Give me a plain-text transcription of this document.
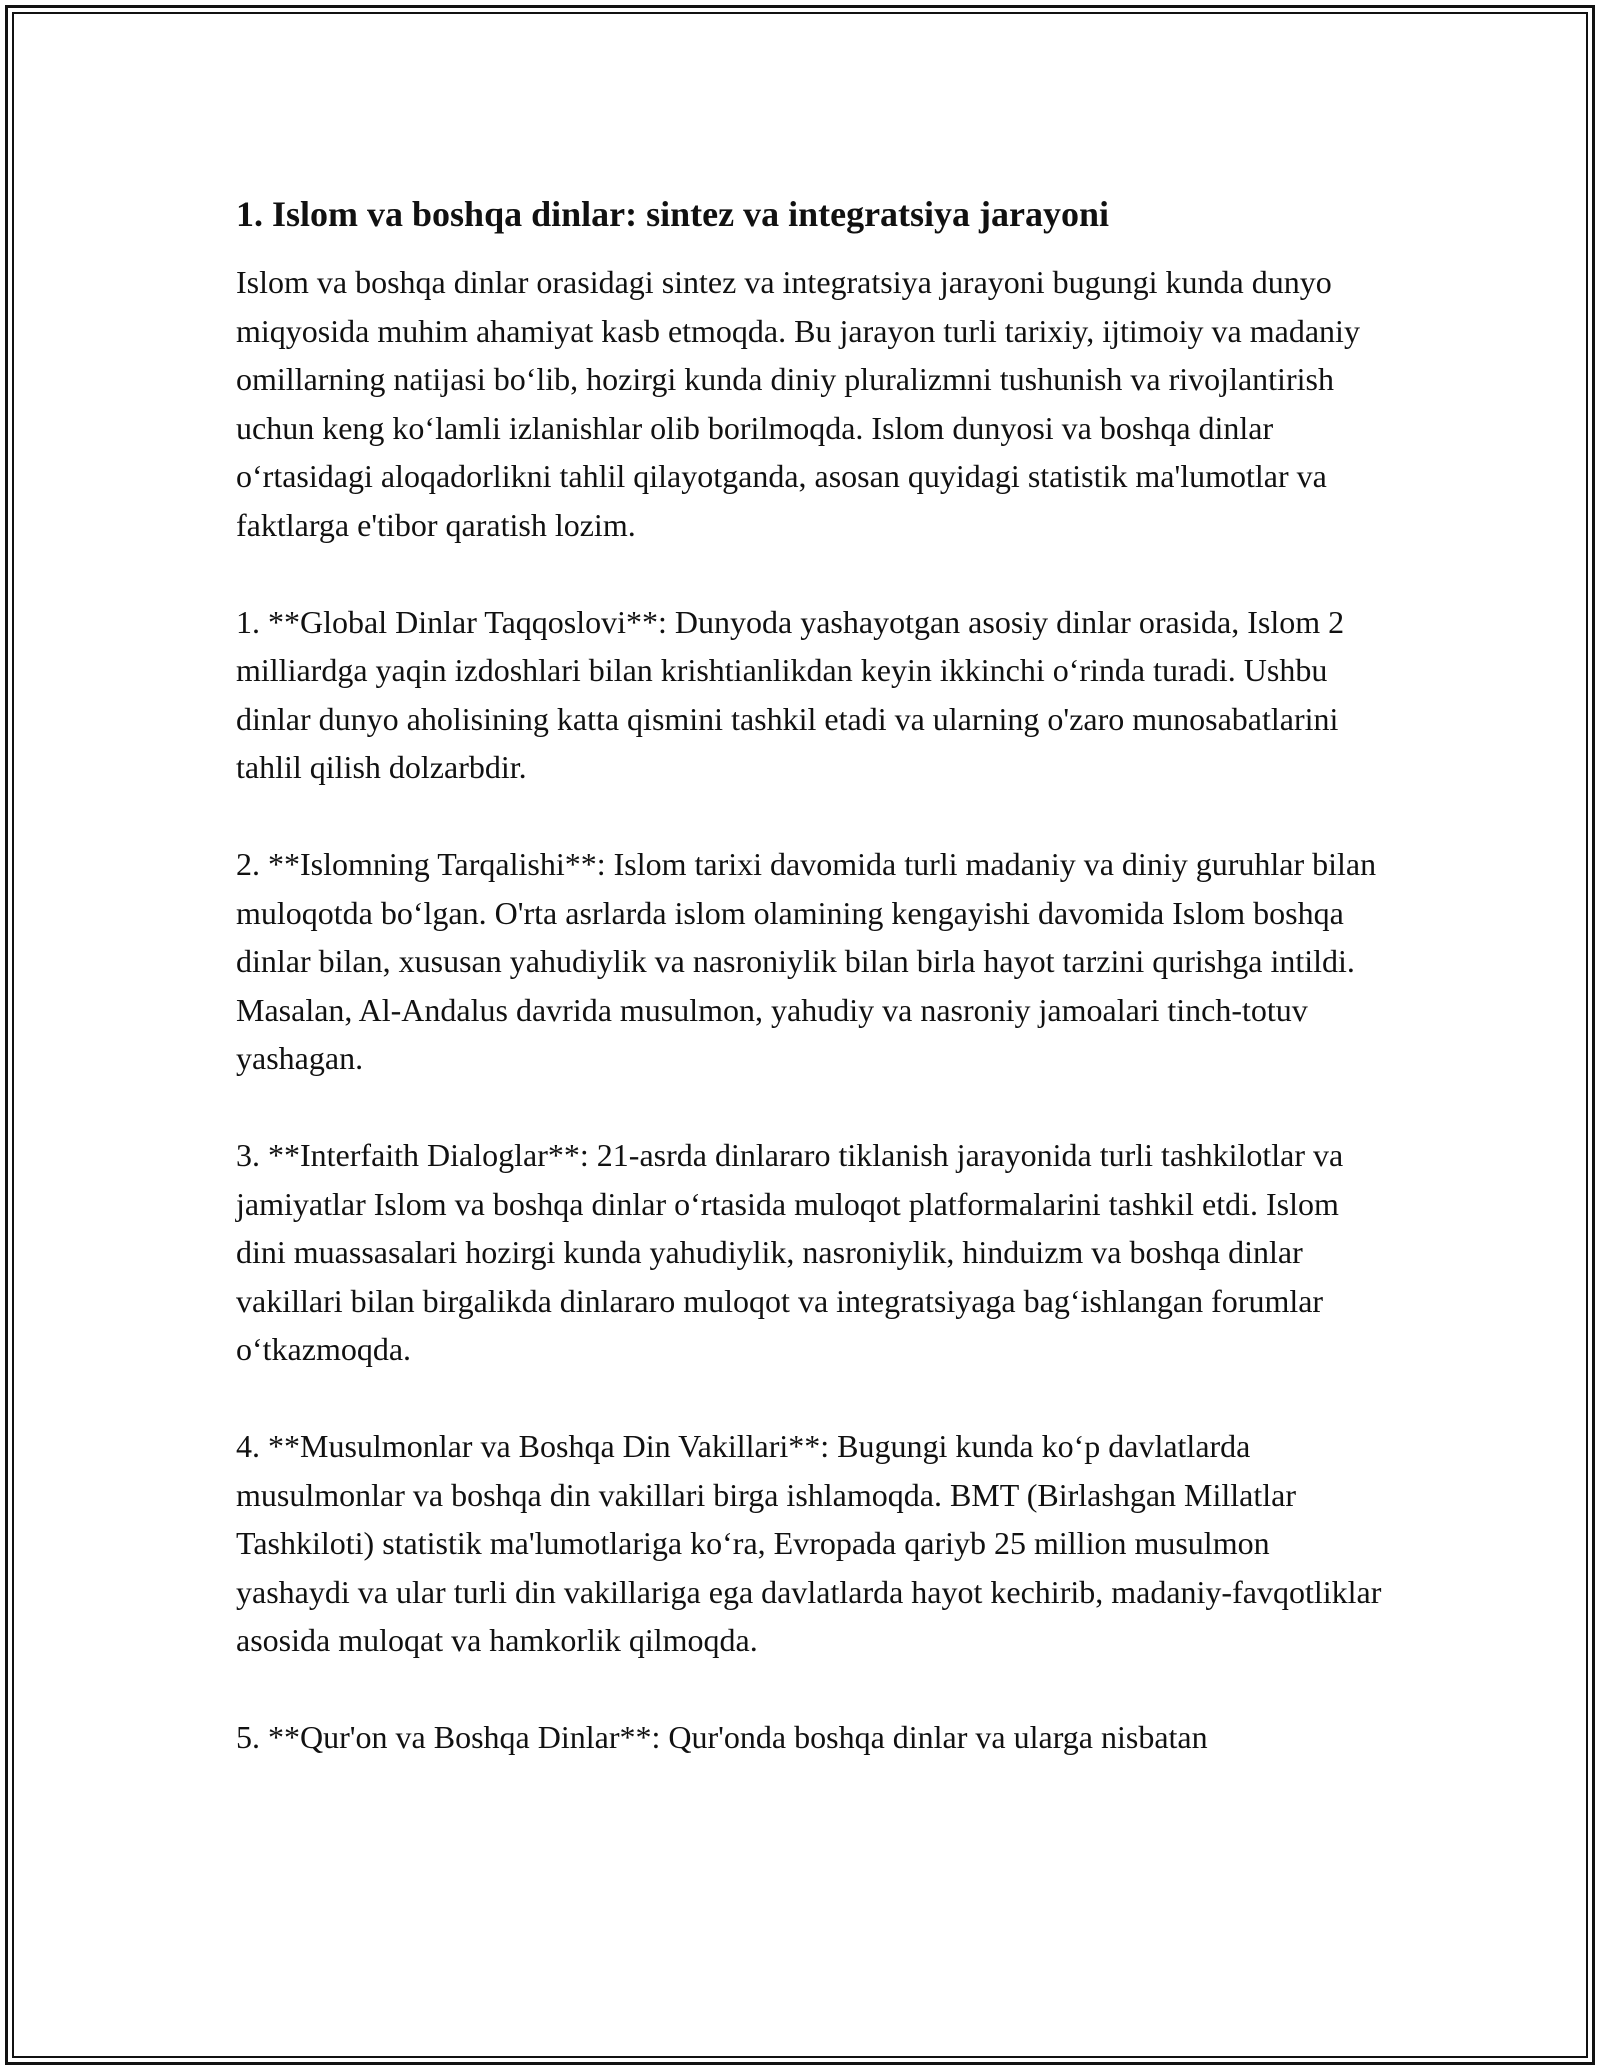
1. Islom va boshqa dinlar: sintez va integratsiya jarayoni

Islom va boshqa dinlar orasidagi sintez va integratsiya jarayoni bugungi kunda dunyo miqyosida muhim ahamiyat kasb etmoqda. Bu jarayon turli tarixiy, ijtimoiy va madaniy omillarning natijasi bo‘lib, hozirgi kunda diniy pluralizmni tushunish va rivojlantirish uchun keng ko‘lamli izlanishlar olib borilmoqda. Islom dunyosi va boshqa dinlar o‘rtasidagi aloqadorlikni tahlil qilayotganda, asosan quyidagi statistik ma'lumotlar va faktlarga e'tibor qaratish lozim.

1. **Global Dinlar Taqqoslovi**: Dunyoda yashayotgan asosiy dinlar orasida, Islom 2 milliardga yaqin izdoshlari bilan krishtianlikdan keyin ikkinchi o‘rinda turadi. Ushbu dinlar dunyo aholisining katta qismini tashkil etadi va ularning o'zaro munosabatlarini tahlil qilish dolzarbdir.

2. **Islomning Tarqalishi**: Islom tarixi davomida turli madaniy va diniy guruhlar bilan muloqotda bo‘lgan. O'rta asrlarda islom olamining kengayishi davomida Islom boshqa dinlar bilan, xususan yahudiylik va nasroniylik bilan birla hayot tarzini qurishga intildi. Masalan, Al-Andalus davrida musulmon, yahudiy va nasroniy jamoalari tinch-totuv yashagan.

3. **Interfaith Dialoglar**: 21-asrda dinlararo tiklanish jarayonida turli tashkilotlar va jamiyatlar Islom va boshqa dinlar o‘rtasida muloqot platformalarini tashkil etdi. Islom dini muassasalari hozirgi kunda yahudiylik, nasroniylik, hinduizm va boshqa dinlar vakillari bilan birgalikda dinlararo muloqot va integratsiyaga bag‘ishlangan forumlar o‘tkazmoqda.

4. **Musulmonlar va Boshqa Din Vakillari**: Bugungi kunda ko‘p davlatlarda musulmonlar va boshqa din vakillari birga ishlamoqda. BMT (Birlashgan Millatlar Tashkiloti) statistik ma'lumotlariga ko‘ra, Evropada qariyb 25 million musulmon yashaydi va ular turli din vakillariga ega davlatlarda hayot kechirib, madaniy-favqotliklar asosida muloqat va hamkorlik qilmoqda.

5. **Qur'on va Boshqa Dinlar**: Qur'onda boshqa dinlar va ularga nisbatan
